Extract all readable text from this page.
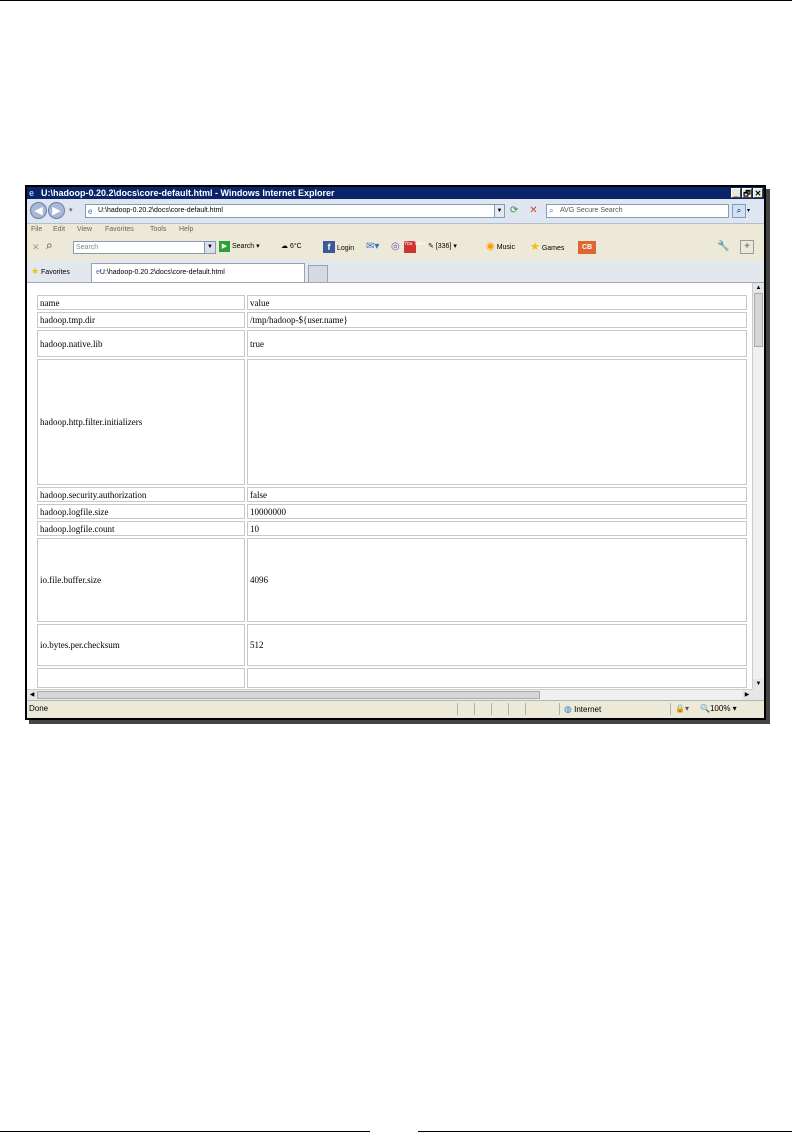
e U:\hadoop-0.20.2\docs\core-default.html - Windows Internet Explorer	_ 🗗 ✕
◀ ▶	▾ e U:\hadoop-0.20.2\docs\core-default.html	▼ ⟳ ✕ ⌕ AVG Secure Search	⌕ ▾
File Edit View Favorites Tools Help
✕ ⌕	Search	▼	▶ Search ▾	☁ 6°C	f Login ✉▾ ◎ You Tube ✎ [336] ▾	◉ Music ★ Games	CB	🔧	+
★ Favorites	eU:\hadoop-0.20.2\docs\core-default.html
name	value
hadoop.tmp.dir	/tmp/hadoop-${user.name}
hadoop.native.lib	true
hadoop.http.filter.initializers	
hadoop.security.authorization	false
hadoop.logfile.size	10000000
hadoop.logfile.count	10
io.file.buffer.size	4096
io.bytes.per.checksum	512

▲
▼
◀	▶
Done	◍ Internet	🔒▾ 🔍100% ▾
